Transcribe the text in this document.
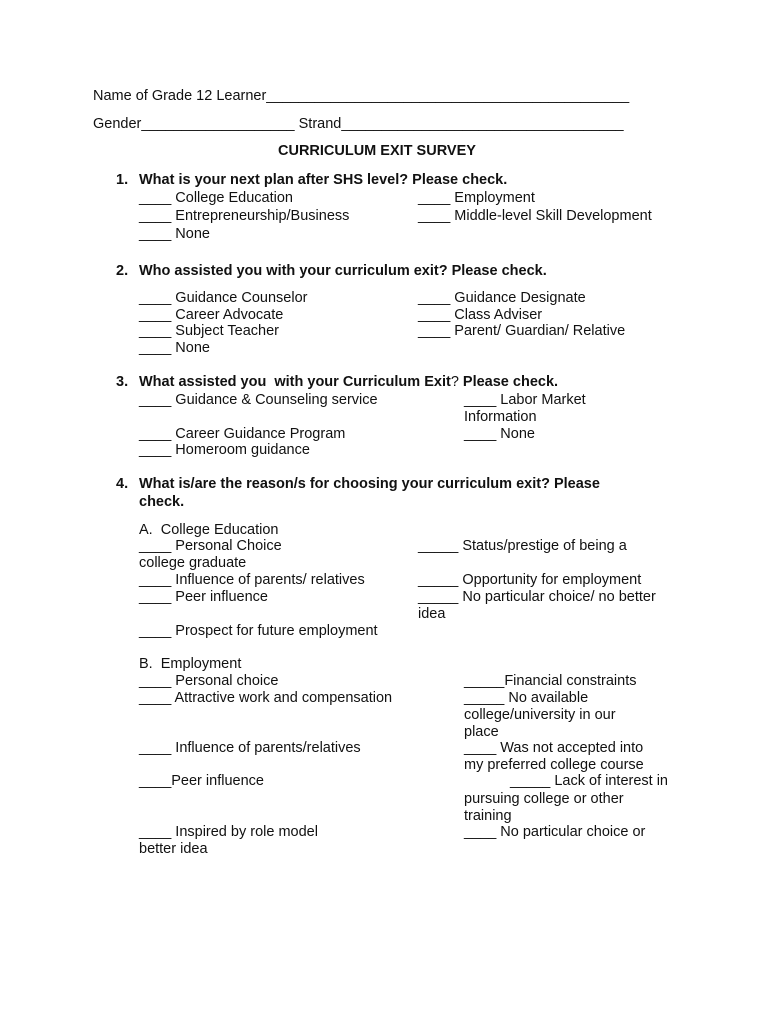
Name of Grade 12 Learner_____________________________________________
Gender___________________ Strand___________________________________
CURRICULUM EXIT SURVEY
1. What is your next plan after SHS level? Please check.
____ College Education	____ Employment
____ Entrepreneurship/Business	____ Middle-level Skill Development
____ None
2. Who assisted you with your curriculum exit? Please check.
____ Guidance Counselor	____ Guidance Designate
____ Career Advocate	____ Class Adviser
____ Subject Teacher	____ Parent/ Guardian/ Relative
____ None
3. What assisted you  with your Curriculum Exit? Please check.
____ Guidance & Counseling service	____ Labor Market
Information
____ Career Guidance Program	____ None
____ Homeroom guidance
4. What is/are the reason/s for choosing your curriculum exit? Please
check.
A.  College Education
____ Personal Choice	_____ Status/prestige of being a
college graduate
____ Influence of parents/ relatives	_____ Opportunity for employment
____ Peer influence	_____ No particular choice/ no better
idea
____ Prospect for future employment
B.  Employment
____ Personal choice	_____Financial constraints
____ Attractive work and compensation	_____ No available
college/university in our
place
____ Influence of parents/relatives	____ Was not accepted into
my preferred college course
____Peer influence	_____ Lack of interest in
pursuing college or other
training
____ Inspired by role model	____ No particular choice or
better idea
